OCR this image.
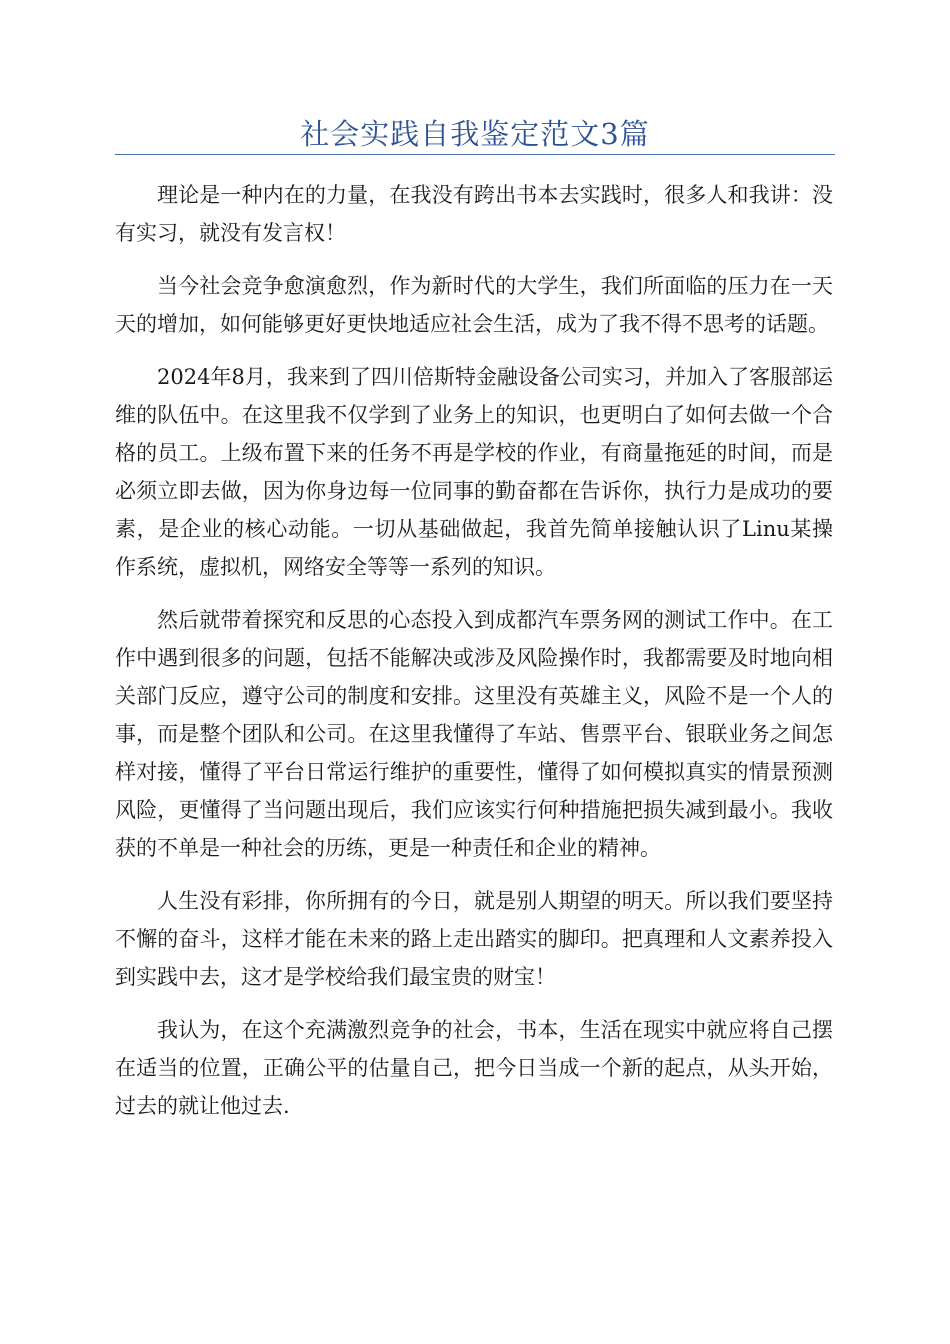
社会实践自我鉴定范文3篇

理论是一种内在的力量，在我没有跨出书本去实践时，很多人和我讲：没有实习，就没有发言权！

当今社会竞争愈演愈烈，作为新时代的大学生，我们所面临的压力在一天天的增加，如何能够更好更快地适应社会生活，成为了我不得不思考的话题。

2024年8月，我来到了四川倍斯特金融设备公司实习，并加入了客服部运维的队伍中。在这里我不仅学到了业务上的知识，也更明白了如何去做一个合格的员工。上级布置下来的任务不再是学校的作业，有商量拖延的时间，而是必须立即去做，因为你身边每一位同事的勤奋都在告诉你，执行力是成功的要素，是企业的核心动能。一切从基础做起，我首先简单接触认识了Linu某操作系统，虚拟机，网络安全等等一系列的知识。

然后就带着探究和反思的心态投入到成都汽车票务网的测试工作中。在工作中遇到很多的问题，包括不能解决或涉及风险操作时，我都需要及时地向相关部门反应，遵守公司的制度和安排。这里没有英雄主义，风险不是一个人的事，而是整个团队和公司。在这里我懂得了车站、售票平台、银联业务之间怎样对接，懂得了平台日常运行维护的重要性，懂得了如何模拟真实的情景预测风险，更懂得了当问题出现后，我们应该实行何种措施把损失减到最小。我收获的不单是一种社会的历练，更是一种责任和企业的精神。

人生没有彩排，你所拥有的今日，就是别人期望的明天。所以我们要坚持不懈的奋斗，这样才能在未来的路上走出踏实的脚印。把真理和人文素养投入到实践中去，这才是学校给我们最宝贵的财宝！

我认为，在这个充满激烈竞争的社会，书本，生活在现实中就应将自己摆在适当的位置，正确公平的估量自己，把今日当成一个新的起点，从头开始，过去的就让他过去.
